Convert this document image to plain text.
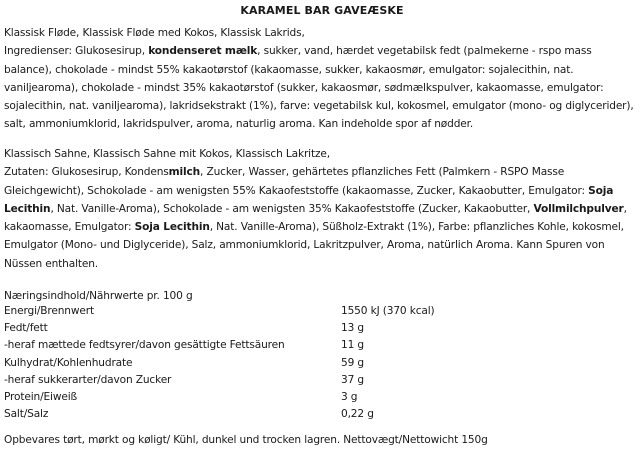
KARAMEL BAR GAVEÆSKE
Klassisk Fløde, Klassisk Fløde med Kokos, Klassisk Lakrids,
Ingredienser: Glukosesirup, kondenseret mælk, sukker, vand, hærdet vegetabilsk fedt (palmekerne - rspo mass balance), chokolade - mindst 55% kakaotørstof (kakaomasse, sukker, kakaosmør, emulgator: sojalecithin, nat. vaniljearoma), chokolade - mindst 35% kakaotørstof (sukker, kakaosmør, sødmælkspulver, kakaomasse, emulgator: sojalecithin, nat. vaniljearoma), lakridsekstrakt (1%), farve: vegetabilsk kul, kokosmel, emulgator (mono- og diglycerider), salt, ammoniumklorid, lakridspulver, aroma, naturlig aroma. Kan indeholde spor af nødder.
Klassisch Sahne, Klassisch Sahne mit Kokos, Klassisch Lakritze,
Zutaten: Glukosesirup, Kondensmilch, Zucker, Wasser, gehärtetes pflanzliches Fett (Palmkern - RSPO Masse Gleichgewicht), Schokolade - am wenigsten 55% Kakaofeststoffe (kakaomasse, Zucker, Kakaobutter, Emulgator: Soja Lecithin, Nat. Vanille-Aroma), Schokolade - am wenigsten 35% Kakaofeststoffe (Zucker, Kakaobutter, Vollmilchpulver, kakaomasse, Emulgator: Soja Lecithin, Nat. Vanille-Aroma), Süßholz-Extrakt (1%), Farbe: pflanzliches Kohle, kokosmel, Emulgator (Mono- und Diglyceride), Salz, ammoniumklorid, Lakritzpulver, Aroma, natürlich Aroma. Kann Spuren von Nüssen enthalten.
Næringsindhold/Nährwerte pr. 100 g
Energi/Brennwert	1550 kJ (370 kcal)
Fedt/fett	13 g
-heraf mættede fedtsyrer/davon gesättigte Fettsäuren	11 g
Kulhydrat/Kohlenhudrate	59 g
-heraf sukkerarter/davon Zucker	37 g
Protein/Eiweiß	3 g
Salt/Salz	0,22 g
Opbevares tørt, mørkt og køligt/ Kühl, dunkel und trocken lagren. Nettovægt/Nettowicht 150g
